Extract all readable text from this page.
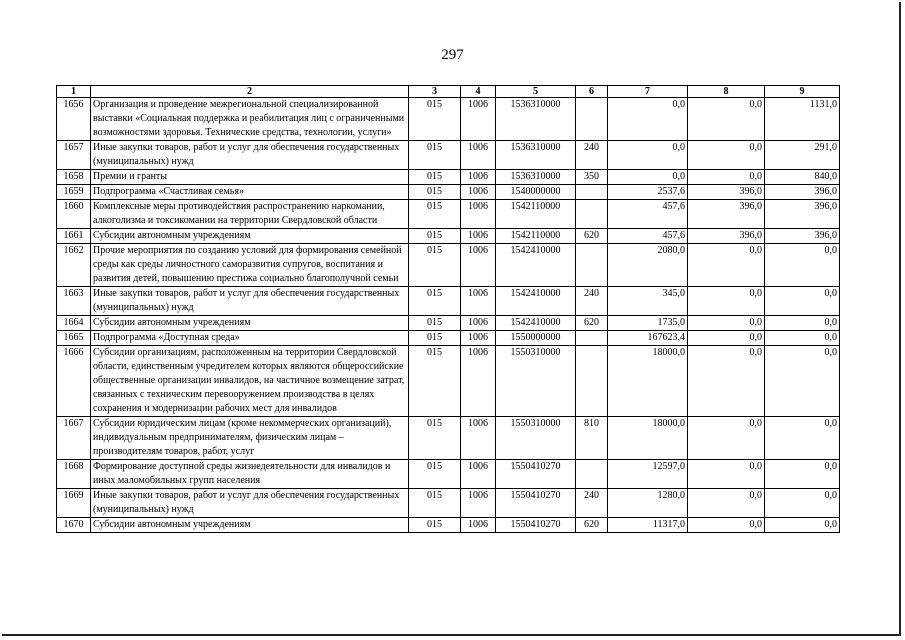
297
1	2	3	4	5	6	7	8	9
1656	Организация и проведение межрегиональной специализированной выставки «Социальная поддержка и реабилитация лиц с ограниченными возможностями здоровья. Технические средства, технологии, услуги»	015	1006	1536310000		0,0	0,0	1131,0
1657	Иные закупки товаров, работ и услуг для обеспечения государственных (муниципальных) нужд	015	1006	1536310000	240	0,0	0,0	291,0
1658	Премии и гранты	015	1006	1536310000	350	0,0	0,0	840,0
1659	Подпрограмма «Счастливая семья»	015	1006	1540000000		2537,6	396,0	396,0
1660	Комплексные меры противодействия распространению наркомании, алкоголизма и токсикомании на территории Свердловской области	015	1006	1542110000		457,6	396,0	396,0
1661	Субсидии автономным учреждениям	015	1006	1542110000	620	457,6	396,0	396,0
1662	Прочие мероприятия по созданию условий для формирования семейной среды как среды личностного саморазвития супругов, воспитания и развития детей, повышению престижа социально благополучной семьи	015	1006	1542410000		2080,0	0,0	0,0
1663	Иные закупки товаров, работ и услуг для обеспечения государственных (муниципальных) нужд	015	1006	1542410000	240	345,0	0,0	0,0
1664	Субсидии автономным учреждениям	015	1006	1542410000	620	1735,0	0,0	0,0
1665	Подпрограмма «Доступная среда»	015	1006	1550000000		167623,4	0,0	0,0
1666	Субсидии организациям, расположенным на территории Свердловской области, единственным учредителем которых являются общероссийские общественные организации инвалидов, на частичное возмещение затрат, связанных с техническим перевооружением производства в целях сохранения и модернизации рабочих мест для инвалидов	015	1006	1550310000		18000,0	0,0	0,0
1667	Субсидии юридическим лицам (кроме некоммерческих организаций), индивидуальным предпринимателям, физическим лицам – производителям товаров, работ, услуг	015	1006	1550310000	810	18000,0	0,0	0,0
1668	Формирование доступной среды жизнедеятельности для инвалидов и иных маломобильных групп населения	015	1006	1550410270		12597,0	0,0	0,0
1669	Иные закупки товаров, работ и услуг для обеспечения государственных (муниципальных) нужд	015	1006	1550410270	240	1280,0	0,0	0,0
1670	Субсидии автономным учреждениям	015	1006	1550410270	620	11317,0	0,0	0,0
